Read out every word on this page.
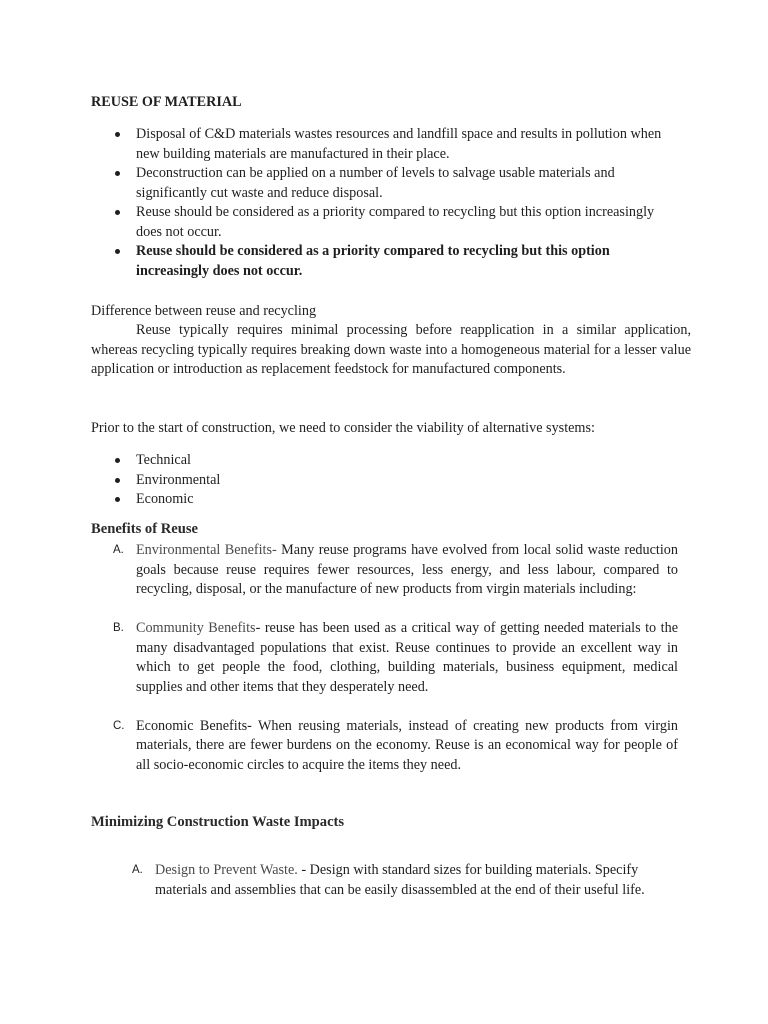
REUSE OF MATERIAL
Disposal of C&D materials wastes resources and landfill space and results in pollution when new building materials are manufactured in their place.
Deconstruction can be applied on a number of levels to salvage usable materials and significantly cut waste and reduce disposal.
Reuse should be considered as a priority compared to recycling but this option increasingly does not occur.
Reuse should be considered as a priority compared to recycling but this option increasingly does not occur.

Difference between reuse and recycling

Reuse typically requires minimal processing before reapplication in a similar application, whereas recycling typically requires breaking down waste into a homogeneous material for a lesser value application or introduction as replacement feedstock for manufactured components.

Prior to the start of construction, we need to consider the viability of alternative systems:

Technical
Environmental
Economic
Benefits of Reuse
A. Environmental Benefits- Many reuse programs have evolved from local solid waste reduction goals because reuse requires fewer resources, less energy, and less labour, compared to recycling, disposal, or the manufacture of new products from virgin materials including:
B. Community Benefits- reuse has been used as a critical way of getting needed materials to the many disadvantaged populations that exist. Reuse continues to provide an excellent way in which to get people the food, clothing, building materials, business equipment, medical supplies and other items that they desperately need.
C. Economic Benefits- When reusing materials, instead of creating new products from virgin materials, there are fewer burdens on the economy. Reuse is an economical way for people of all socio-economic circles to acquire the items they need.
Minimizing Construction Waste Impacts
A. Design to Prevent Waste. - Design with standard sizes for building materials. Specify materials and assemblies that can be easily disassembled at the end of their useful life.
